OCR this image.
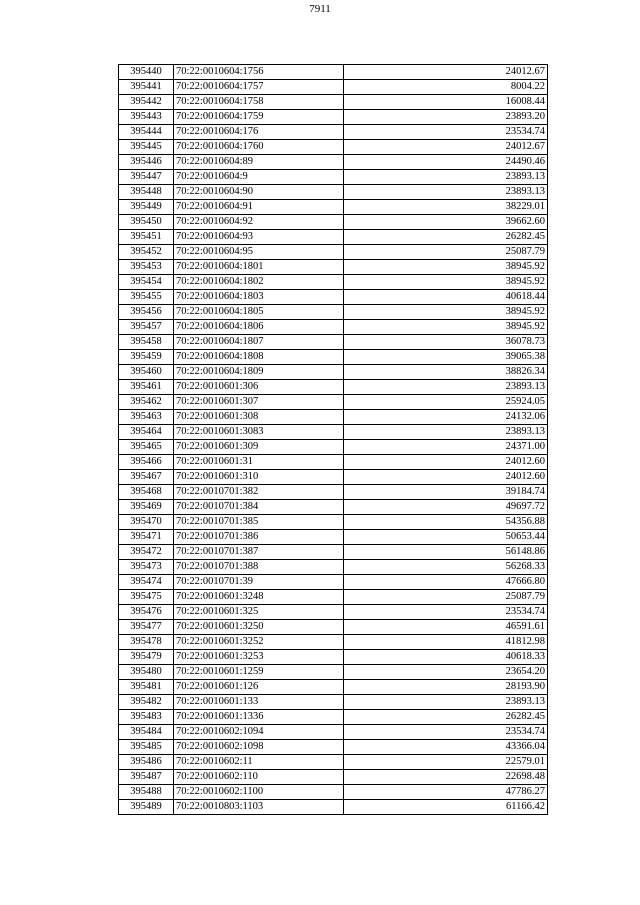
7911
395440	70:22:0010604:1756	24012.67
395441	70:22:0010604:1757	8004.22
395442	70:22:0010604:1758	16008.44
395443	70:22:0010604:1759	23893.20
395444	70:22:0010604:176	23534.74
395445	70:22:0010604:1760	24012.67
395446	70:22:0010604:89	24490.46
395447	70:22:0010604:9	23893.13
395448	70:22:0010604:90	23893.13
395449	70:22:0010604:91	38229.01
395450	70:22:0010604:92	39662.60
395451	70:22:0010604:93	26282.45
395452	70:22:0010604:95	25087.79
395453	70:22:0010604:1801	38945.92
395454	70:22:0010604:1802	38945.92
395455	70:22:0010604:1803	40618.44
395456	70:22:0010604:1805	38945.92
395457	70:22:0010604:1806	38945.92
395458	70:22:0010604:1807	36078.73
395459	70:22:0010604:1808	39065.38
395460	70:22:0010604:1809	38826.34
395461	70:22:0010601:306	23893.13
395462	70:22:0010601:307	25924.05
395463	70:22:0010601:308	24132.06
395464	70:22:0010601:3083	23893.13
395465	70:22:0010601:309	24371.00
395466	70:22:0010601:31	24012.60
395467	70:22:0010601:310	24012.60
395468	70:22:0010701:382	39184.74
395469	70:22:0010701:384	49697.72
395470	70:22:0010701:385	54356.88
395471	70:22:0010701:386	50653.44
395472	70:22:0010701:387	56148.86
395473	70:22:0010701:388	56268.33
395474	70:22:0010701:39	47666.80
395475	70:22:0010601:3248	25087.79
395476	70:22:0010601:325	23534.74
395477	70:22:0010601:3250	46591.61
395478	70:22:0010601:3252	41812.98
395479	70:22:0010601:3253	40618.33
395480	70:22:0010601:1259	23654.20
395481	70:22:0010601:126	28193.90
395482	70:22:0010601:133	23893.13
395483	70:22:0010601:1336	26282.45
395484	70:22:0010602:1094	23534.74
395485	70:22:0010602:1098	43366.04
395486	70:22:0010602:11	22579.01
395487	70:22:0010602:110	22698.48
395488	70:22:0010602:1100	47786.27
395489	70:22:0010803:1103	61166.42
